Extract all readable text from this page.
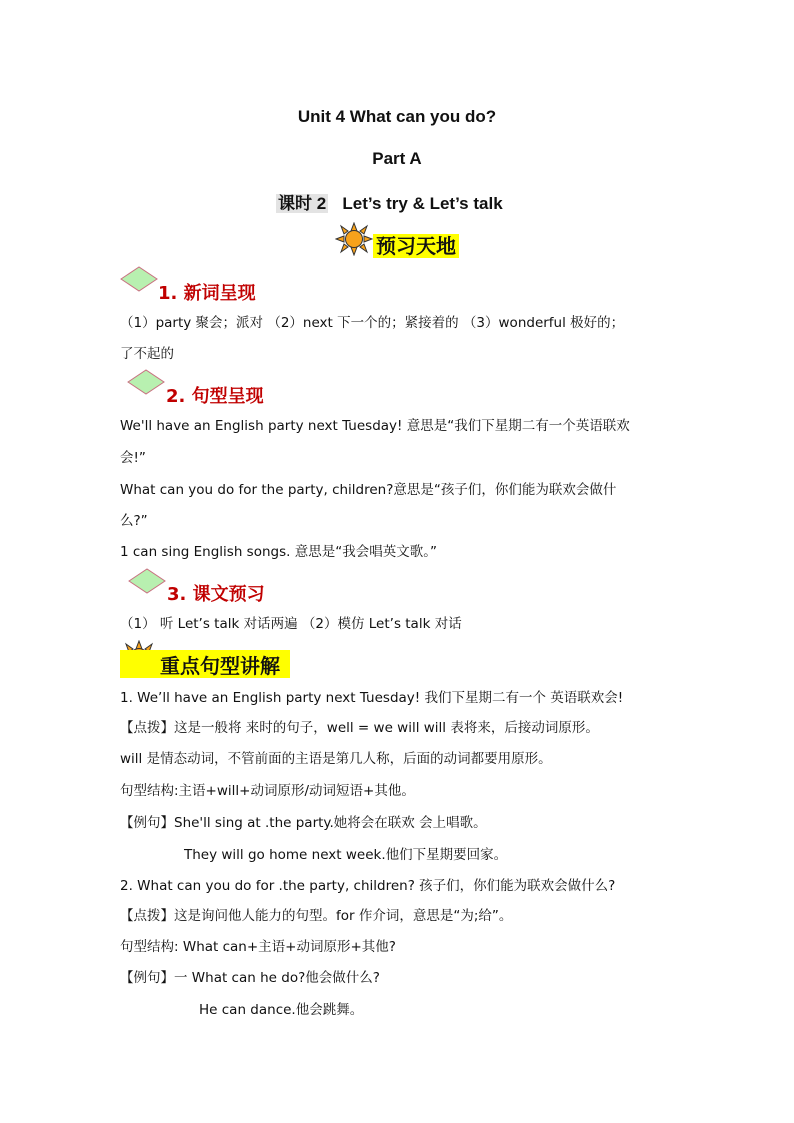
Unit 4 What can you do?
Part A
课时 2 Let’s try & Let’s talk
预习天地
1. 新词呈现
（1）party 聚会；派对 （2）next 下一个的；紧接着的 （3）wonderful 极好的；
了不起的
2. 句型呈现
We'll have an English party next Tuesday! 意思是“我们下星期二有一个英语联欢
会!”
What can you do for the party, children?意思是“孩子们，你们能为联欢会做什
么?”
1 can sing English songs. 意思是“我会唱英文歌。”
3. 课文预习
（1） 听 Let’s talk 对话两遍 （2）模仿 Let’s talk 对话
重点句型讲解
1. We’ll have an English party next Tuesday! 我们下星期二有一个 英语联欢会!
【点拨】这是一般将 来时的句子，well = we will will 表将来，后接动词原形。
will 是情态动词，不管前面的主语是第几人称，后面的动词都要用原形。
句型结构:主语+will+动词原形/动词短语+其他。
【例句】She'll sing at .the party.她将会在联欢 会上唱歌。
They will go home next week.他们下星期要回家。
2. What can you do for .the party, children? 孩子们，你们能为联欢会做什么?
【点拨】这是询问他人能力的句型。for 作介词，意思是“为;给”。
句型结构: What can+主语+动词原形+其他?
【例句】一 What can he do?他会做什么?
He can dance.他会跳舞。
